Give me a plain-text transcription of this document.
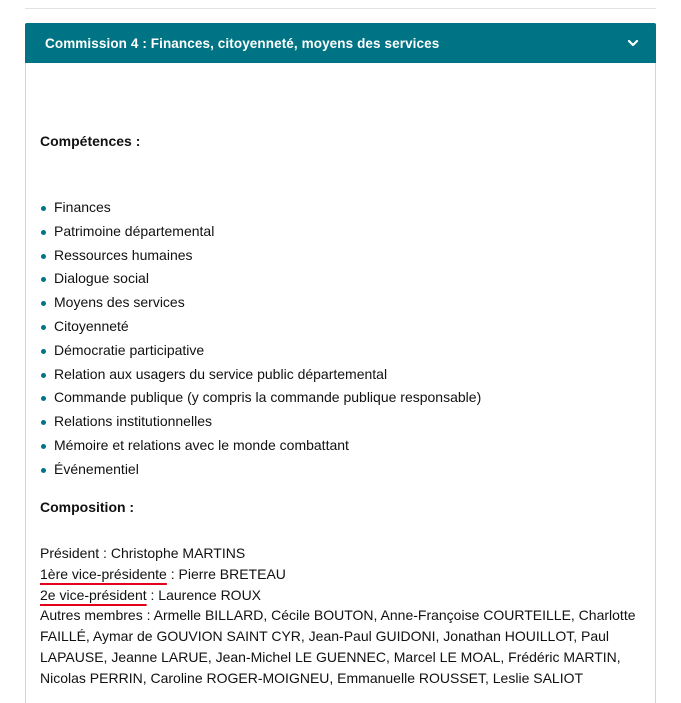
Commission 4 : Finances, citoyenneté, moyens des services
Compétences :
Finances
Patrimoine départemental
Ressources humaines
Dialogue social
Moyens des services
Citoyenneté
Démocratie participative
Relation aux usagers du service public départemental
Commande publique (y compris la commande publique responsable)
Relations institutionnelles
Mémoire et relations avec le monde combattant
Événementiel
Composition :

Président : Christophe MARTINS

1ère vice-présidente : Pierre BRETEAU

2e vice-président : Laurence ROUX

Autres membres : Armelle BILLARD, Cécile BOUTON, Anne-Françoise COURTEILLE, Charlotte FAILLÉ, Aymar de GOUVION SAINT CYR, Jean-Paul GUIDONI, Jonathan HOUILLOT, Paul LAPAUSE, Jeanne LARUE, Jean-Michel LE GUENNEC, Marcel LE MOAL, Frédéric MARTIN, Nicolas PERRIN, Caroline ROGER-MOIGNEU, Emmanuelle ROUSSET, Leslie SALIOT
